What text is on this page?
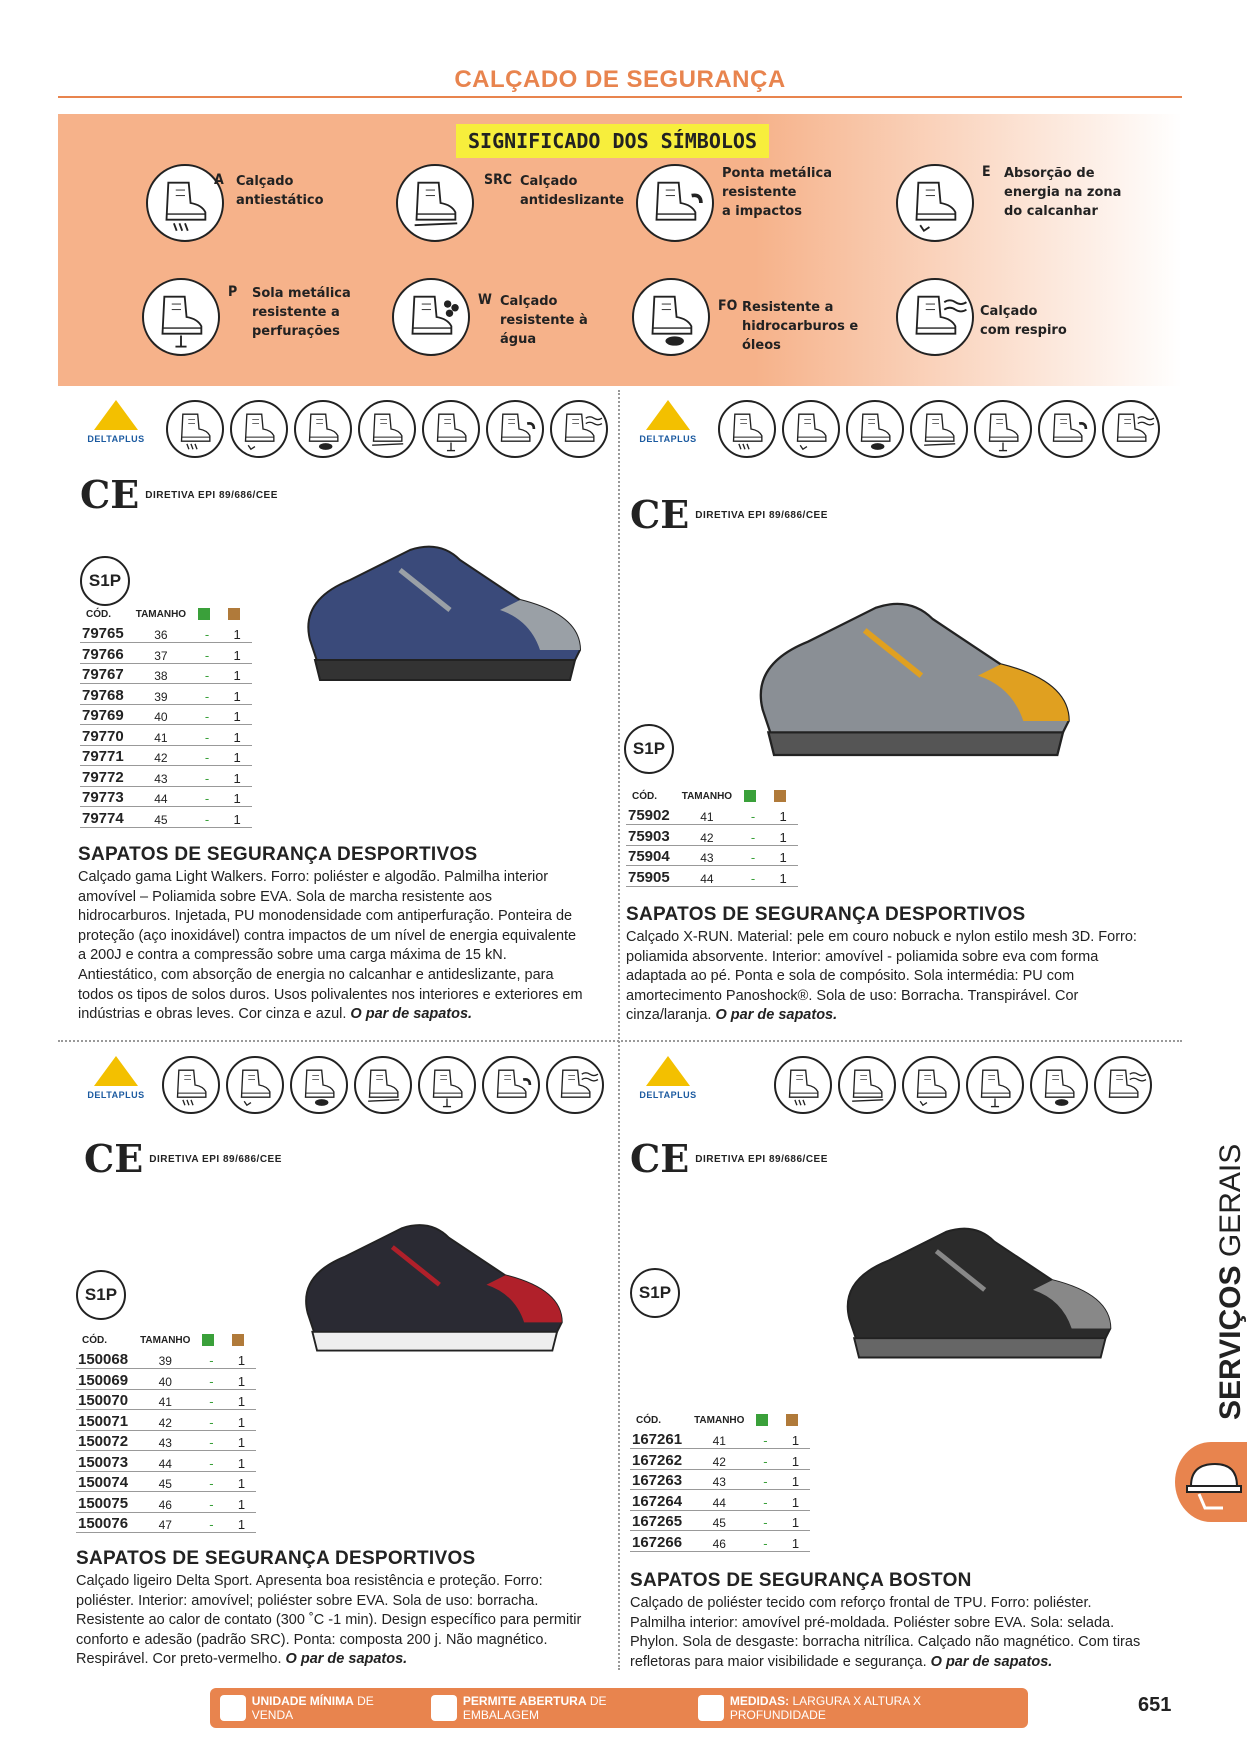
CALÇADO DE SEGURANÇA
SIGNIFICADO DOS SÍMBOLOS
A Calçado
antiestático
SRC Calçado
antideslizante
Ponta metálica
resistente
a impactos
E Absorção de
energia na zona
do calcanhar
P Sola metálica
resistente a
perfurações
W Calçado
resistente à
água
FO Resistente a
hidrocarburos e
óleos
Calçado
com respiro
DELTAPLUS
CE DIRETIVA EPI 89/686/CEE
S1P
CÓD.	TAMANHO		
79765	36	-	1
79766	37	-	1
79767	38	-	1
79768	39	-	1
79769	40	-	1
79770	41	-	1
79771	42	-	1
79772	43	-	1
79773	44	-	1
79774	45	-	1
SAPATOS DE SEGURANÇA DESPORTIVOS
Calçado gama Light Walkers. Forro: poliéster e algodão. Palmilha interior amovível – Poliamida sobre EVA. Sola de marcha resistente aos hidrocarburos. Injetada, PU monodensidade com antiperfuração. Ponteira de proteção (aço inoxidável) contra impactos de um nível de energia equivalente a 200J e contra a compressão sobre uma carga máxima de 15 kN. Antiestático, com absorção de energia no calcanhar e antideslizante, para todos os tipos de solos duros. Usos polivalentes nos interiores e exteriores em indústrias e obras leves. Cor cinza e azul. O par de sapatos.
DELTAPLUS
CE DIRETIVA EPI 89/686/CEE
S1P
CÓD.	TAMANHO		
75902	41	-	1
75903	42	-	1
75904	43	-	1
75905	44	-	1
SAPATOS DE SEGURANÇA DESPORTIVOS
Calçado X-RUN. Material: pele em couro nobuck e nylon estilo mesh 3D. Forro: poliamida absorvente. Interior: amovível - poliamida sobre eva com forma adaptada ao pé. Ponta e sola de compósito. Sola intermédia: PU com amortecimento Panoshock®. Sola de uso: Borracha. Transpirável. Cor cinza/laranja. O par de sapatos.
DELTAPLUS
CE DIRETIVA EPI 89/686/CEE
S1P
CÓD.	TAMANHO		
150068	39	-	1
150069	40	-	1
150070	41	-	1
150071	42	-	1
150072	43	-	1
150073	44	-	1
150074	45	-	1
150075	46	-	1
150076	47	-	1
SAPATOS DE SEGURANÇA DESPORTIVOS
Calçado ligeiro Delta Sport. Apresenta boa resistência e proteção. Forro: poliéster. Interior: amovível; poliéster sobre EVA. Sola de uso: borracha. Resistente ao calor de contato (300 ˚C -1 min). Design específico para permitir conforto e adesão (padrão SRC). Ponta: composta 200 j. Não magnético. Respirável. Cor preto-vermelho. O par de sapatos.
DELTAPLUS
CE DIRETIVA EPI 89/686/CEE
S1P
CÓD.	TAMANHO		
167261	41	-	1
167262	42	-	1
167263	43	-	1
167264	44	-	1
167265	45	-	1
167266	46	-	1
SAPATOS DE SEGURANÇA BOSTON
Calçado de poliéster tecido com reforço frontal de TPU. Forro: poliéster. Palmilha interior: amovível pré-moldada. Poliéster sobre EVA. Sola: selada. Phylon. Sola de desgaste: borracha nitrílica. Calçado não magnético. Com tiras refletoras para maior visibilidade e segurança. O par de sapatos.
SERVIÇOS GERAIS
UNIDADE MÍNIMA DE VENDA
PERMITE ABERTURA DE EMBALAGEM
MEDIDAS: LARGURA X ALTURA X PROFUNDIDADE	651
